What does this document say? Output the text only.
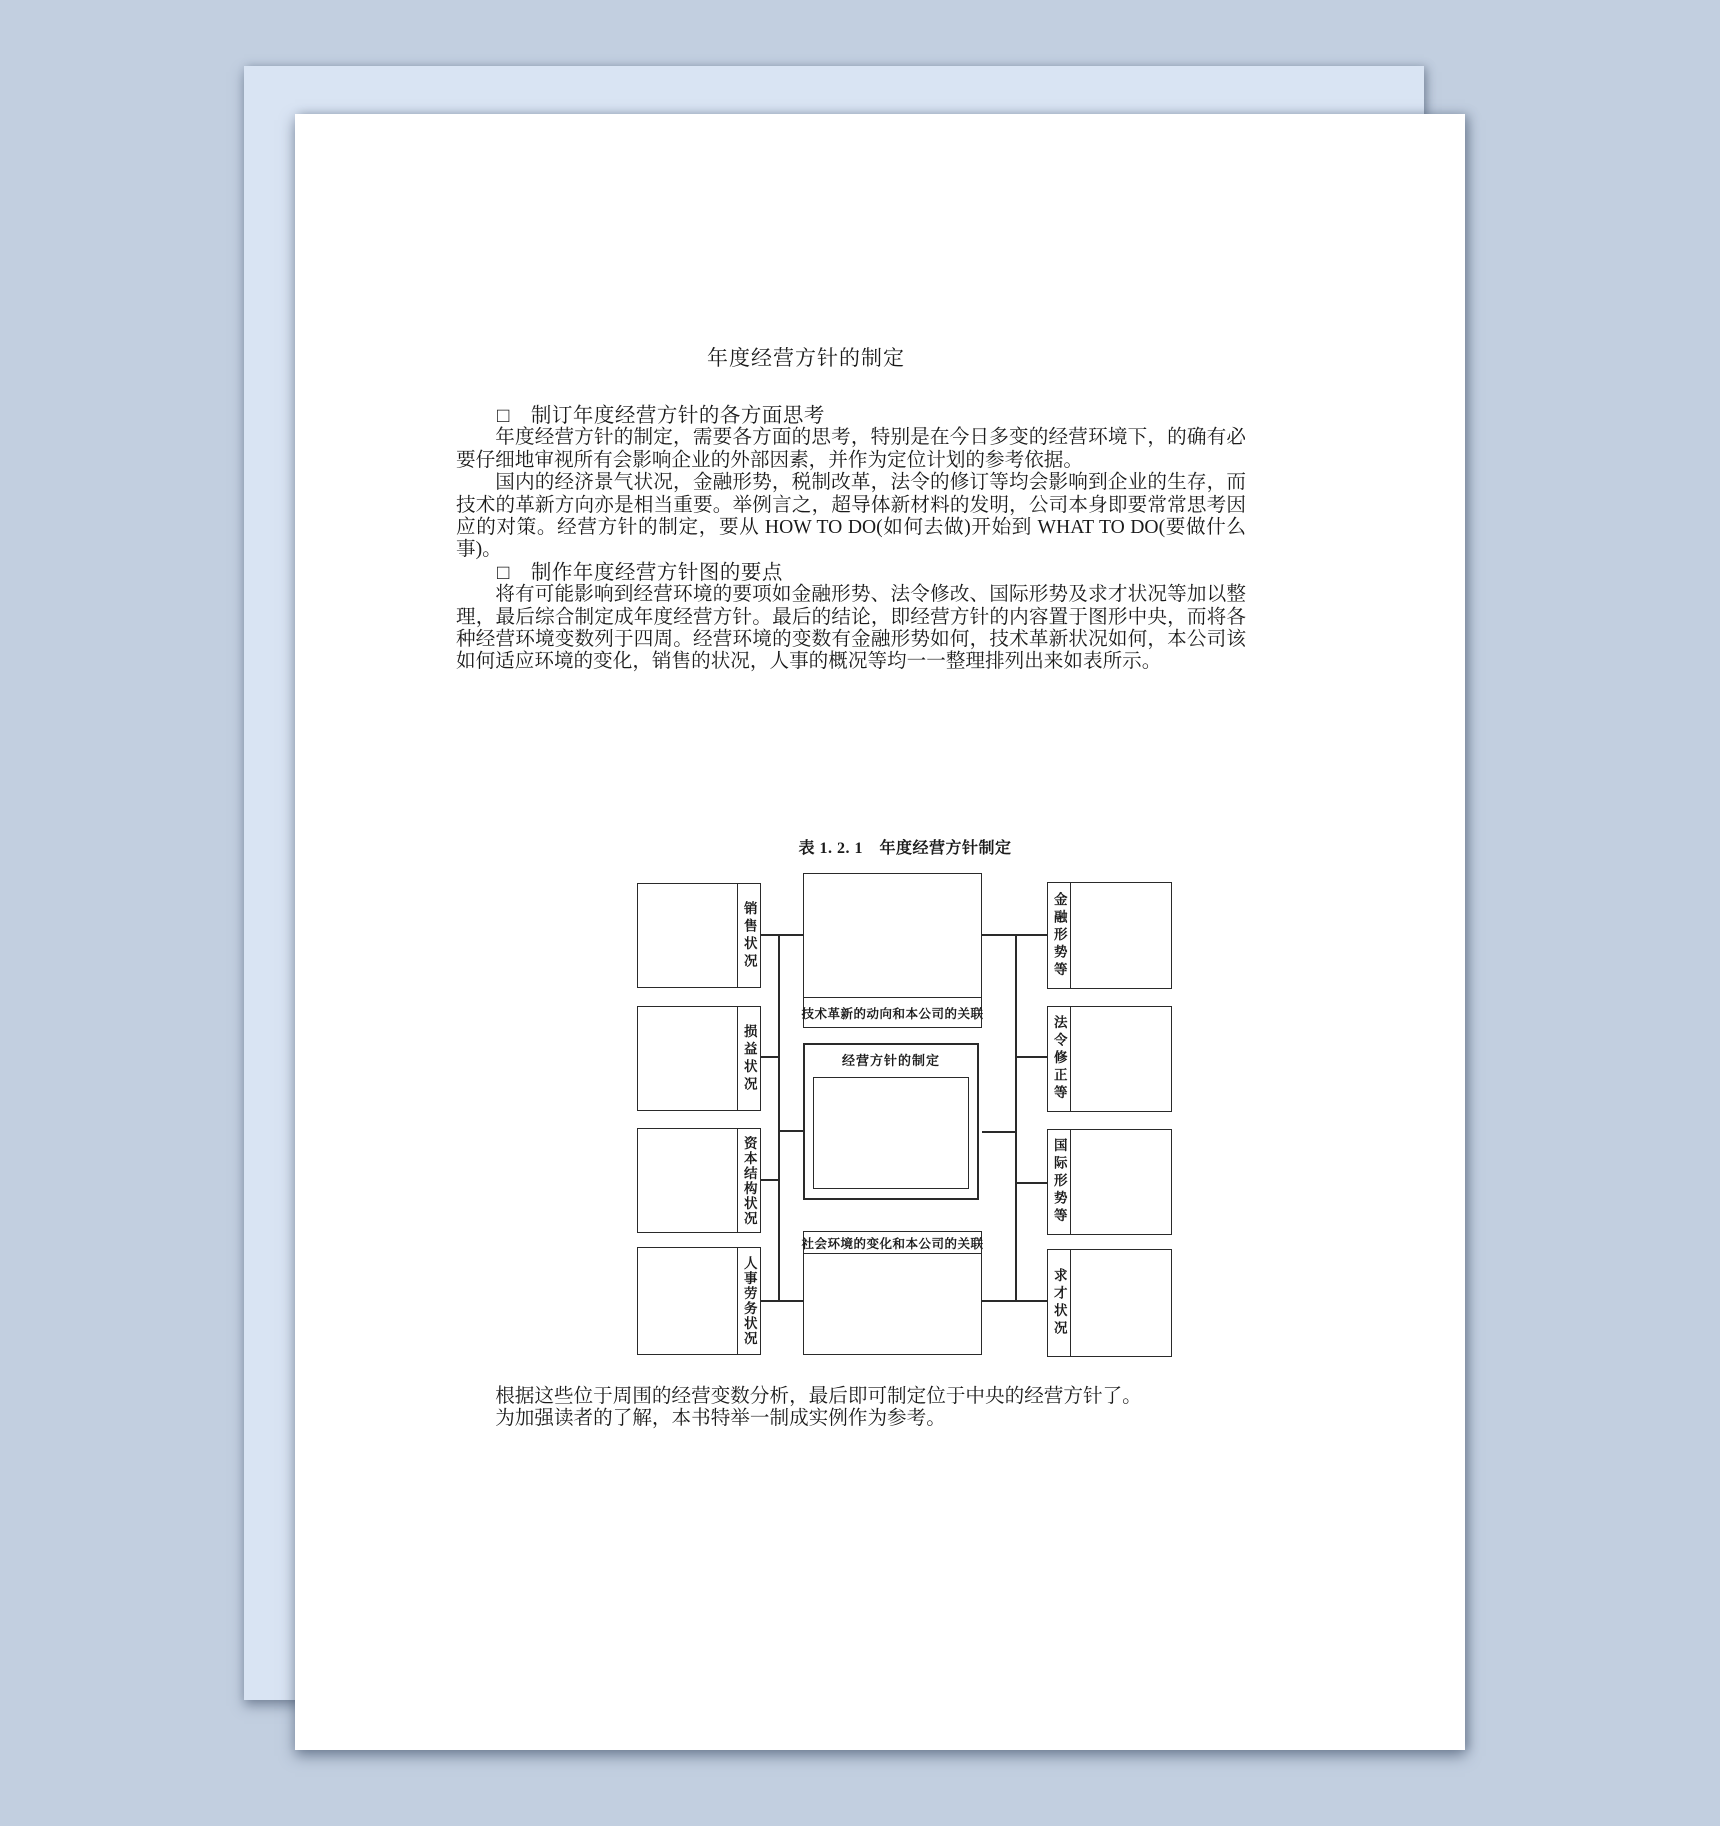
年度经营方针的制定

□　制订年度经营方针的各方面思考

年度经营方针的制定，需要各方面的思考，特别是在今日多变的经营环境下，的确有必要仔细地审视所有会影响企业的外部因素，并作为定位计划的参考依据。

国内的经济景气状况，金融形势，税制改革，法令的修订等均会影响到企业的生存，而技术的革新方向亦是相当重要。举例言之，超导体新材料的发明，公司本身即要常常思考因应的对策。经营方针的制定，要从 HOW TO DO(如何去做)开始到 WHAT TO DO(要做什么事)。

□　制作年度经营方针图的要点

将有可能影响到经营环境的要项如金融形势、法令修改、国际形势及求才状况等加以整理，最后综合制定成年度经营方针。最后的结论，即经营方针的内容置于图形中央，而将各种经营环境变数列于四周。经营环境的变数有金融形势如何，技术革新状况如何，本公司该如何适应环境的变化，销售的状况，人事的概况等均一一整理排列出来如表所示。

表 1. 2. 1　年度经营方针制定
销售状况
损益状况
资本结构状况
人事劳务状况
金融形势等
法令修正等
国际形势等
求才状况
技术革新的动向和本公司的关联
经营方针的制定
社会环境的变化和本公司的关联

根据这些位于周围的经营变数分析，最后即可制定位于中央的经营方针了。

为加强读者的了解，本书特举一制成实例作为参考。
